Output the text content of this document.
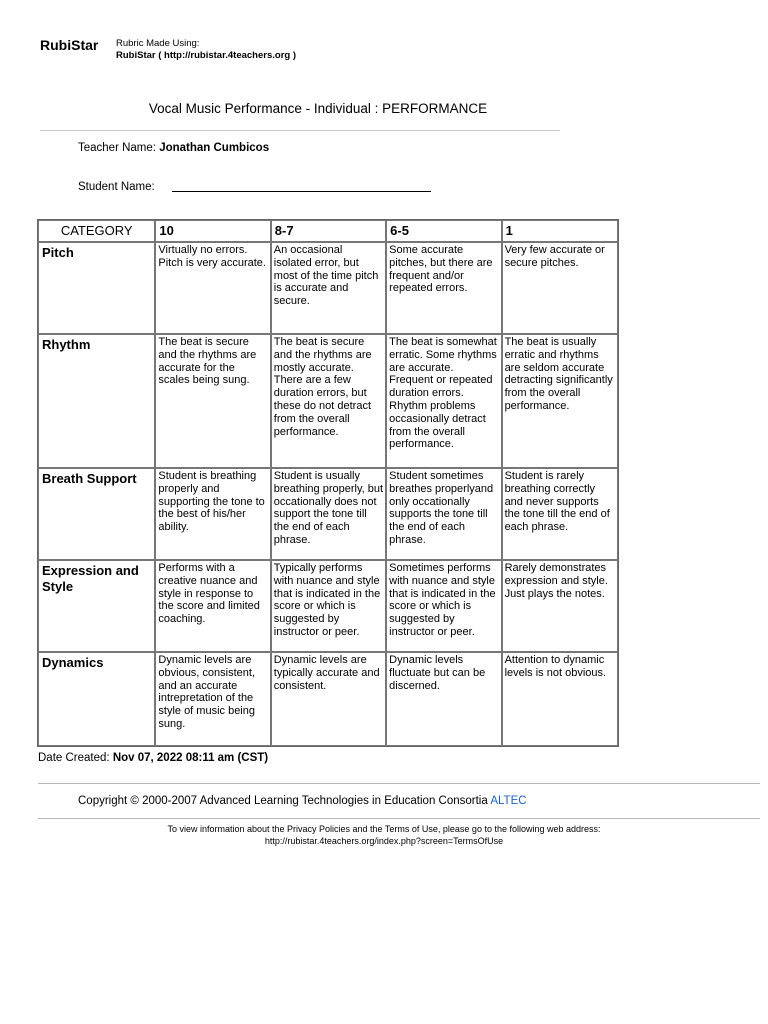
RubiStar Rubric Made Using:
RubiStar ( http://rubistar.4teachers.org )
Vocal Music Performance - Individual : PERFORMANCE
Teacher Name: Jonathan Cumbicos
Student Name:
CATEGORY	10	8-7	6-5	1
Pitch	Virtually no errors. Pitch is very accurate.	An occasional isolated error, but most of the time pitch is accurate and secure.	Some accurate pitches, but there are frequent and/or repeated errors.	Very few accurate or secure pitches.
Rhythm	The beat is secure and the rhythms are accurate for the scales being sung.	The beat is secure and the rhythms are mostly accurate. There are a few duration errors, but these do not detract from the overall performance.	The beat is somewhat erratic. Some rhythms are accurate. Frequent or repeated duration errors. Rhythm problems occasionally detract from the overall performance.	The beat is usually erratic and rhythms are seldom accurate detracting significantly from the overall performance.
Breath Support	Student is breathing properly and supporting the tone to the best of his/her ability.	Student is usually breathing properly, but occationally does not support the tone till the end of each phrase.	Student sometimes breathes properlyand only occationally supports the tone till the end of each phrase.	Student is rarely breathing correctly and never supports the tone till the end of each phrase.
Expression and Style	Performs with a creative nuance and style in response to the score and limited coaching.	Typically performs with nuance and style that is indicated in the score or which is suggested by instructor or peer.	Sometimes performs with nuance and style that is indicated in the score or which is suggested by instructor or peer.	Rarely demonstrates expression and style. Just plays the notes.
Dynamics	Dynamic levels are obvious, consistent, and an accurate intrepretation of the style of music being sung.	Dynamic levels are typically accurate and consistent.	Dynamic levels fluctuate but can be discerned.	Attention to dynamic levels is not obvious.
Date Created: Nov 07, 2022 08:11 am (CST)
Copyright © 2000-2007 Advanced Learning Technologies in Education Consortia ALTEC
To view information about the Privacy Policies and the Terms of Use, please go to the following web address:
http://rubistar.4teachers.org/index.php?screen=TermsOfUse
